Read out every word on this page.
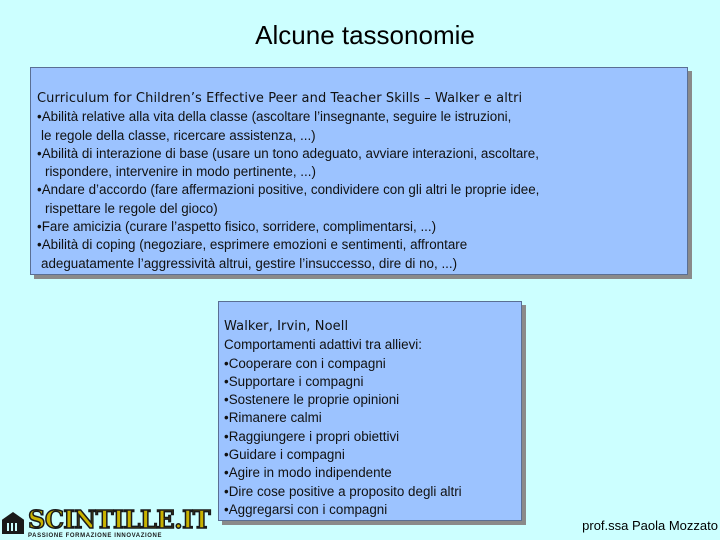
Alcune tassonomie
Curriculum for Children’s Effective Peer and Teacher Skills – Walker e altri
•Abilità relative alla vita della classe (ascoltare l’insegnante, seguire le istruzioni,
le regole della classe, ricercare assistenza, ...)
•Abilità di interazione di base (usare un tono adeguato, avviare interazioni, ascoltare,
rispondere, intervenire in modo pertinente, ...)
•Andare d’accordo (fare affermazioni positive, condividere con gli altri le proprie idee,
rispettare le regole del gioco)
•Fare amicizia (curare l’aspetto fisico, sorridere, complimentarsi, ...)
•Abilità di coping (negoziare, esprimere emozioni e sentimenti, affrontare
adeguatamente l’aggressività altrui, gestire l’insuccesso, dire di no, ...)
Walker, Irvin, Noell
Comportamenti adattivi tra allievi:
•Cooperare con i compagni
•Supportare i compagni
•Sostenere le proprie opinioni
•Rimanere calmi
•Raggiungere i propri obiettivi
•Guidare i compagni
•Agire in modo indipendente
•Dire cose positive a proposito degli altri
•Aggregarsi con i compagni
SCINTILLE.IT
PASSIONE FORMAZIONE INNOVAZIONE
prof.ssa Paola Mozzato
